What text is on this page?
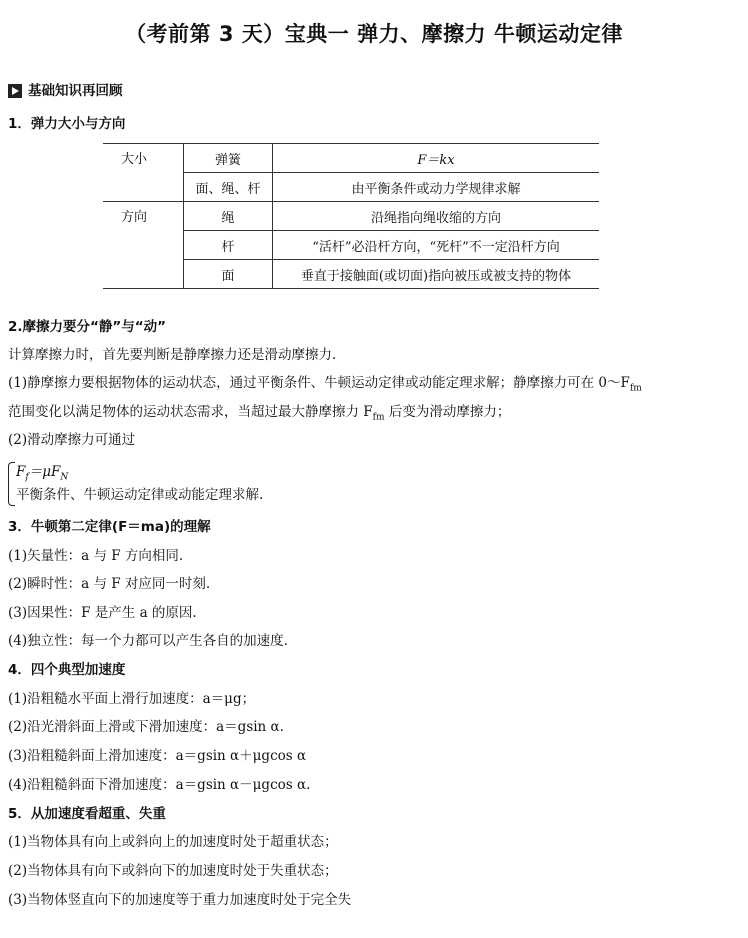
（考前第 3 天）宝典一 弹力、摩擦力 牛顿运动定律
基础知识再回顾
1．弹力大小与方向
大小	弹簧	F＝kx
	面、绳、杆	由平衡条件或动力学规律求解
方向	绳	沿绳指向绳收缩的方向
	杆	“活杆”必沿杆方向，“死杆”不一定沿杆方向
	面	垂直于接触面(或切面)指向被压或被支持的物体
2.摩擦力要分“静”与“动”
计算摩擦力时，首先要判断是静摩擦力还是滑动摩擦力.
(1)静摩擦力要根据物体的运动状态，通过平衡条件、牛顿运动定律或动能定理求解；静摩擦力可在 $0\sim F_{fm}$
范围变化以满足物体的运动状态需求，当超过最大静摩擦力 $F_{fm}$ 后变为滑动摩擦力；
(2)滑动摩擦力可通过
$F_f=\mu F_N$
平衡条件、牛顿运动定律或动能定理求解.
3．牛顿第二定律(F＝ma)的理解
(1)矢量性：a 与 F 方向相同.
(2)瞬时性：a 与 F 对应同一时刻.
(3)因果性：F 是产生 a 的原因.
(4)独立性：每一个力都可以产生各自的加速度.
4．四个典型加速度
(1)沿粗糙水平面上滑行加速度：a＝μg；
(2)沿光滑斜面上滑或下滑加速度：a＝gsin α.
(3)沿粗糙斜面上滑加速度：a＝gsin α＋μgcos α
(4)沿粗糙斜面下滑加速度：a＝gsin α－μgcos α.
5．从加速度看超重、失重
(1)当物体具有向上或斜向上的加速度时处于超重状态；
(2)当物体具有向下或斜向下的加速度时处于失重状态；
(3)当物体竖直向下的加速度等于重力加速度时处于完全失
